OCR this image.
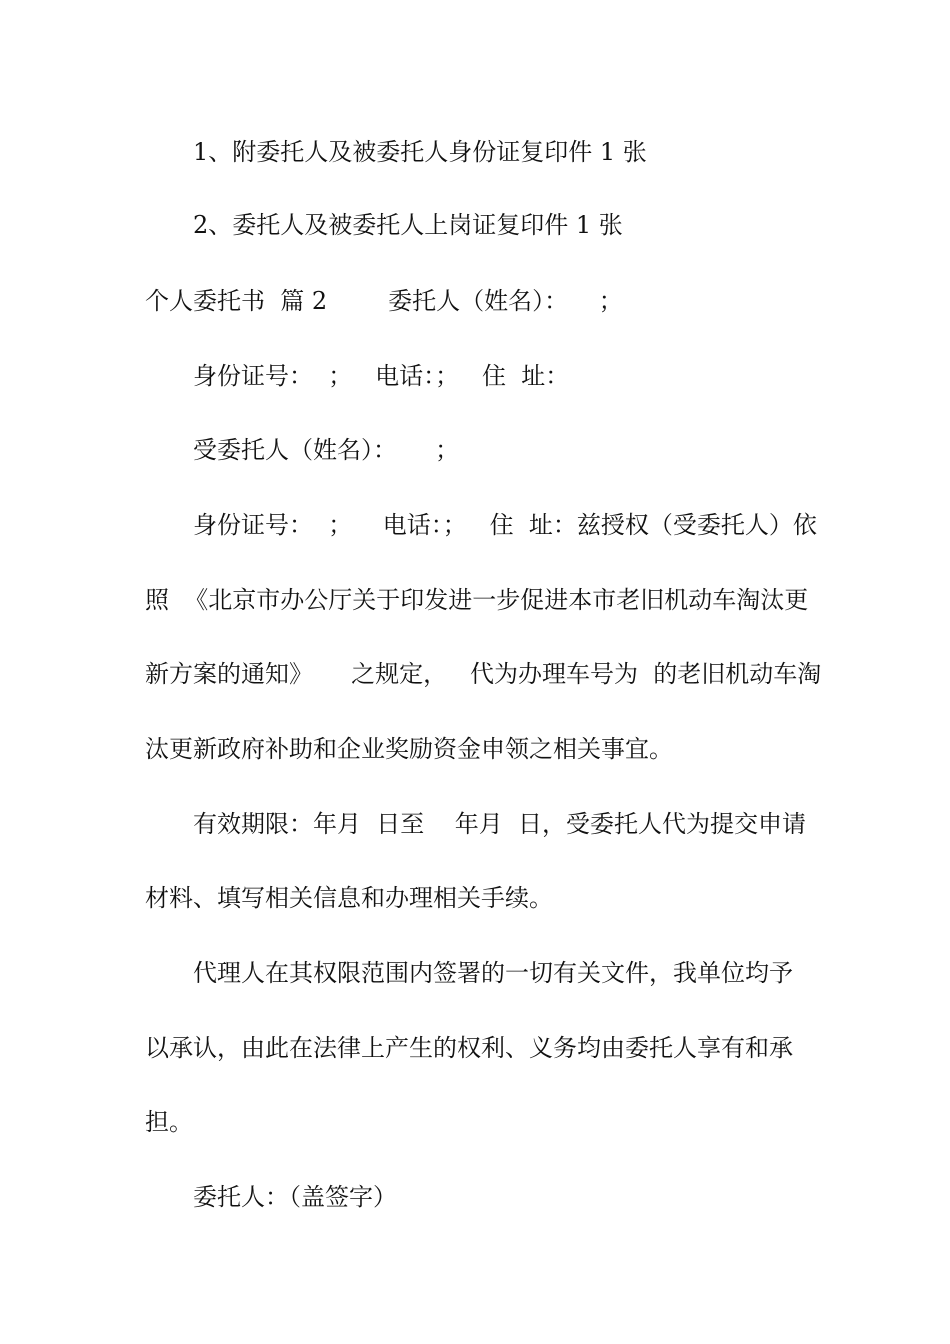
1、附委托人及被委托人身份证复印件 1 张
2、委托人及被委托人上岗证复印件 1 张
个人委托书  篇 2        委托人（姓名）：    ；
身份证号：  ；   电话：；   住  址：
受委托人（姓名）：     ；
身份证号：  ；    电话：；   住  址：兹授权（受委托人）依
照  《北京市办公厅关于印发进一步促进本市老旧机动车淘汰更
新方案的通知》     之规定，   代为办理车号为  的老旧机动车淘
汰更新政府补助和企业奖励资金申领之相关事宜。
有效期限：年月  日至    年月  日，受委托人代为提交申请
材料、填写相关信息和办理相关手续。
代理人在其权限范围内签署的一切有关文件，我单位均予
以承认，由此在法律上产生的权利、义务均由委托人享有和承
担。
委托人：（盖签字）
